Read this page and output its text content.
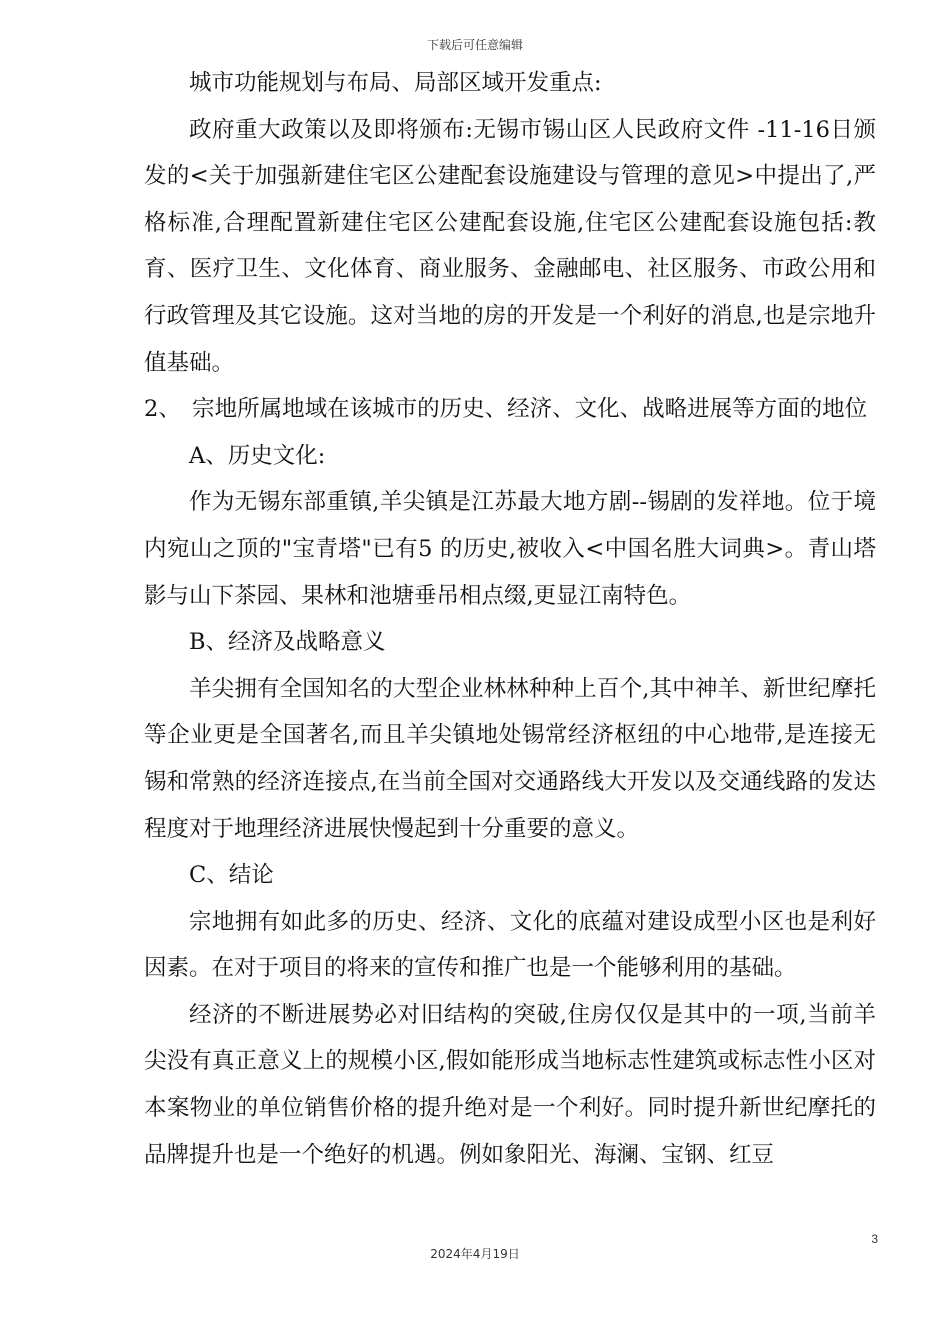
下载后可任意编辑

城市功能规划与布局、局部区域开发重点:

政府重大政策以及即将颁布:无锡市锡山区人民政府文件 -11-16日颁发的<关于加强新建住宅区公建配套设施建设与管理的意见>中提出了,严格标准,合理配置新建住宅区公建配套设施,住宅区公建配套设施包括:教育、医疗卫生、文化体育、商业服务、金融邮电、社区服务、市政公用和行政管理及其它设施。这对当地的房的开发是一个利好的消息,也是宗地升值基础。

2、　宗地所属地域在该城市的历史、经济、文化、战略进展等方面的地位

A、历史文化:

作为无锡东部重镇,羊尖镇是江苏最大地方剧--锡剧的发祥地。位于境内宛山之顶的"宝青塔"已有5 的历史,被收入<中国名胜大词典>。青山塔影与山下茶园、果林和池塘垂吊相点缀,更显江南特色。

B、经济及战略意义

羊尖拥有全国知名的大型企业林林种种上百个,其中神羊、新世纪摩托等企业更是全国著名,而且羊尖镇地处锡常经济枢纽的中心地带,是连接无锡和常熟的经济连接点,在当前全国对交通路线大开发以及交通线路的发达程度对于地理经济进展快慢起到十分重要的意义。

C、结论

宗地拥有如此多的历史、经济、文化的底蕴对建设成型小区也是利好因素。在对于项目的将来的宣传和推广也是一个能够利用的基础。

经济的不断进展势必对旧结构的突破,住房仅仅是其中的一项,当前羊尖没有真正意义上的规模小区,假如能形成当地标志性建筑或标志性小区对本案物业的单位销售价格的提升绝对是一个利好。同时提升新世纪摩托的品牌提升也是一个绝好的机遇。例如象阳光、海澜、宝钢、红豆

3
2024年4月19日
